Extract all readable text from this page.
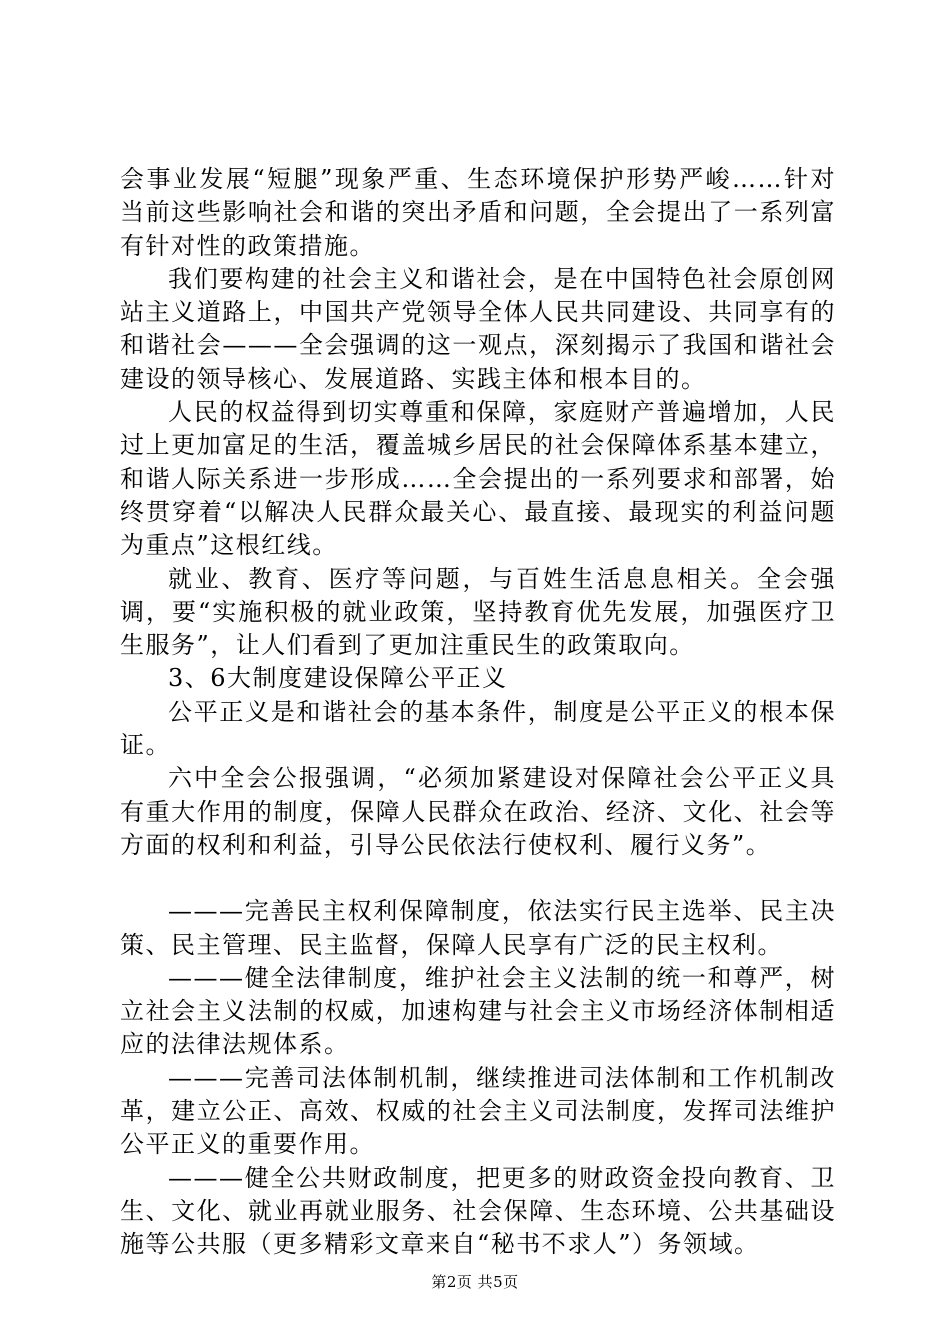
会事业发展“短腿”现象严重、生态环境保护形势严峻……针对当前这些影响社会和谐的突出矛盾和问题，全会提出了一系列富有针对性的政策措施。

我们要构建的社会主义和谐社会，是在中国特色社会原创网站主义道路上，中国共产党领导全体人民共同建设、共同享有的和谐社会———全会强调的这一观点，深刻揭示了我国和谐社会建设的领导核心、发展道路、实践主体和根本目的。

人民的权益得到切实尊重和保障，家庭财产普遍增加，人民过上更加富足的生活，覆盖城乡居民的社会保障体系基本建立，和谐人际关系进一步形成……全会提出的一系列要求和部署，始终贯穿着“以解决人民群众最关心、最直接、最现实的利益问题为重点”这根红线。

就业、教育、医疗等问题，与百姓生活息息相关。全会强调，要“实施积极的就业政策，坚持教育优先发展，加强医疗卫生服务”，让人们看到了更加注重民生的政策取向。

3、6大制度建设保障公平正义

公平正义是和谐社会的基本条件，制度是公平正义的根本保证。

六中全会公报强调，“必须加紧建设对保障社会公平正义具有重大作用的制度，保障人民群众在政治、经济、文化、社会等方面的权利和利益，引导公民依法行使权利、履行义务”。

———完善民主权利保障制度，依法实行民主选举、民主决策、民主管理、民主监督，保障人民享有广泛的民主权利。

———健全法律制度，维护社会主义法制的统一和尊严，树立社会主义法制的权威，加速构建与社会主义市场经济体制相适应的法律法规体系。

———完善司法体制机制，继续推进司法体制和工作机制改革，建立公正、高效、权威的社会主义司法制度，发挥司法维护公平正义的重要作用。

———健全公共财政制度，把更多的财政资金投向教育、卫生、文化、就业再就业服务、社会保障、生态环境、公共基础设施等公共服（更多精彩文章来自“秘书不求人”）务领域。

第2页 共5页
